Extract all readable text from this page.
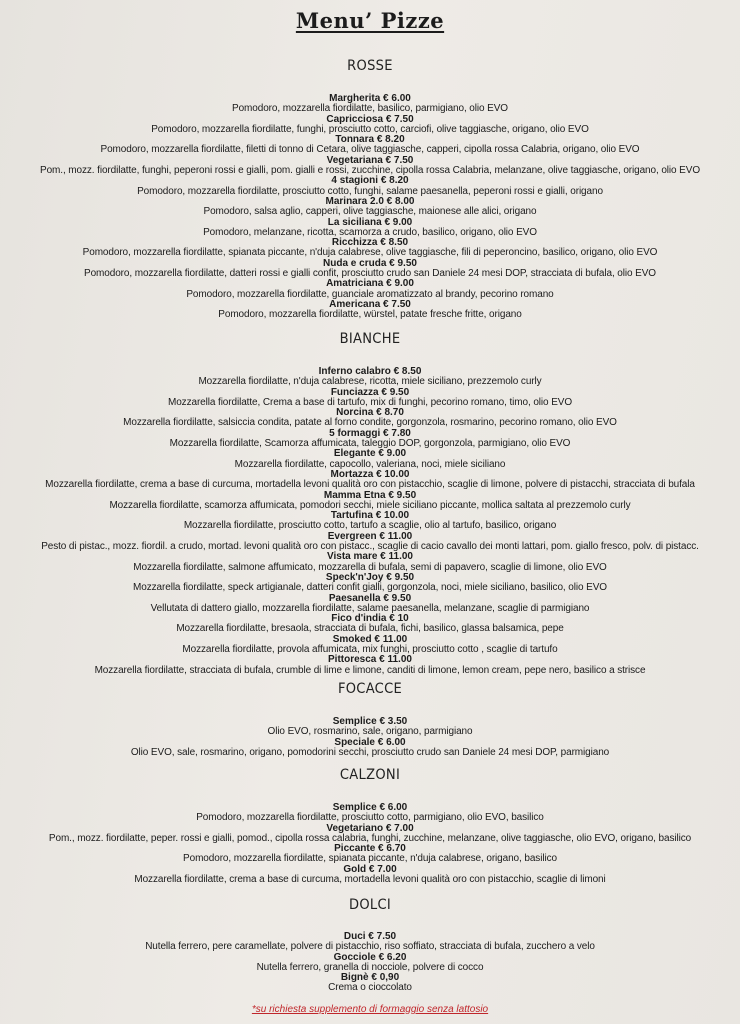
Menu’ Pizze
ROSSE
Margherita € 6.00
Pomodoro, mozzarella fiordilatte, basilico, parmigiano, olio EVO
Capricciosa € 7.50
Pomodoro, mozzarella fiordilatte, funghi, prosciutto cotto, carciofi, olive taggiasche, origano, olio EVO
Tonnara € 8.20
Pomodoro, mozzarella fiordilatte, filetti di tonno di Cetara, olive taggiasche, capperi, cipolla rossa Calabria, origano, olio EVO
Vegetariana € 7.50
Pom., mozz. fiordilatte, funghi, peperoni rossi e gialli, pom. gialli e rossi, zucchine, cipolla rossa Calabria, melanzane, olive taggiasche, origano, olio EVO
4 stagioni € 8.20
Pomodoro, mozzarella fiordilatte, prosciutto cotto, funghi, salame paesanella, peperoni rossi e gialli, origano
Marinara 2.0 € 8.00
Pomodoro, salsa aglio, capperi, olive taggiasche, maionese alle alici, origano
La siciliana € 9.00
Pomodoro, melanzane, ricotta, scamorza a crudo, basilico, origano, olio EVO
Ricchizza € 8.50
Pomodoro, mozzarella fiordilatte, spianata piccante, n'duja calabrese, olive taggiasche, fili di peperoncino, basilico, origano, olio EVO
Nuda e cruda € 9.50
Pomodoro, mozzarella fiordilatte, datteri rossi e gialli confit, prosciutto crudo san Daniele 24 mesi DOP, stracciata di bufala, olio EVO
Amatriciana € 9.00
Pomodoro, mozzarella fiordilatte, guanciale aromatizzato al brandy, pecorino romano
Americana € 7.50
Pomodoro, mozzarella fiordilatte, würstel, patate fresche fritte, origano
BIANCHE
Inferno calabro € 8.50
Mozzarella fiordilatte, n'duja calabrese, ricotta, miele siciliano, prezzemolo curly
Funciazza € 9.50
Mozzarella fiordilatte, Crema a base di tartufo, mix di funghi, pecorino romano, timo, olio EVO
Norcina € 8.70
Mozzarella fiordilatte, salsiccia condita, patate al forno condite, gorgonzola, rosmarino, pecorino romano, olio EVO
5 formaggi € 7.80
Mozzarella fiordilatte, Scamorza affumicata, taleggio DOP, gorgonzola, parmigiano, olio EVO
Elegante € 9.00
Mozzarella fiordilatte, capocollo, valeriana, noci, miele siciliano
Mortazza € 10.00
Mozzarella fiordilatte, crema a base di curcuma, mortadella levoni qualità oro con pistacchio, scaglie di limone, polvere di pistacchi, stracciata di bufala
Mamma Etna € 9.50
Mozzarella fiordilatte, scamorza affumicata, pomodori secchi, miele siciliano piccante, mollica saltata al prezzemolo curly
Tartufina € 10.00
Mozzarella fiordilatte, prosciutto cotto, tartufo a scaglie, olio al tartufo, basilico, origano
Evergreen € 11.00
Pesto di pistac., mozz. fiordil. a crudo, mortad. levoni qualità oro con pistacc., scaglie di cacio cavallo dei monti lattari, pom. giallo fresco, polv. di pistacc.
Vista mare € 11.00
Mozzarella fiordilatte, salmone affumicato, mozzarella di bufala, semi di papavero, scaglie di limone, olio EVO
Speck'n'Joy € 9.50
Mozzarella fiordilatte, speck artigianale, datteri confit gialli, gorgonzola, noci, miele siciliano, basilico, olio EVO
Paesanella € 9.50
Vellutata di dattero giallo, mozzarella fiordilatte, salame paesanella, melanzane, scaglie di parmigiano
Fico d'india € 10
Mozzarella fiordilatte, bresaola, stracciata di bufala, fichi, basilico, glassa balsamica, pepe
Smoked € 11.00
Mozzarella fiordilatte, provola affumicata, mix funghi, prosciutto cotto , scaglie di tartufo
Pittoresca € 11.00
Mozzarella fiordilatte, stracciata di bufala, crumble di lime e limone, canditi di limone, lemon cream, pepe nero, basilico a strisce
FOCACCE
Semplice € 3.50
Olio EVO, rosmarino, sale, origano, parmigiano
Speciale € 6.00
Olio EVO, sale, rosmarino, origano, pomodorini secchi, prosciutto crudo san Daniele 24 mesi DOP, parmigiano
CALZONI
Semplice € 6.00
Pomodoro, mozzarella fiordilatte, prosciutto cotto, parmigiano, olio EVO, basilico
Vegetariano € 7.00
Pom., mozz. fiordilatte, peper. rossi e gialli, pomod., cipolla rossa calabria, funghi, zucchine, melanzane, olive taggiasche, olio EVO, origano, basilico
Piccante € 6.70
Pomodoro, mozzarella fiordilatte, spianata piccante, n'duja calabrese, origano, basilico
Gold € 7.00
Mozzarella fiordilatte, crema a base di curcuma, mortadella levoni qualità oro con pistacchio, scaglie di limoni
DOLCI
Duci € 7.50
Nutella ferrero, pere caramellate, polvere di pistacchio, riso soffiato, stracciata di bufala, zucchero a velo
Gocciole € 6.20
Nutella ferrero, granella di nocciole, polvere di cocco
Bignè € 0,90
Crema o cioccolato
*su richiesta supplemento di formaggio senza lattosio
